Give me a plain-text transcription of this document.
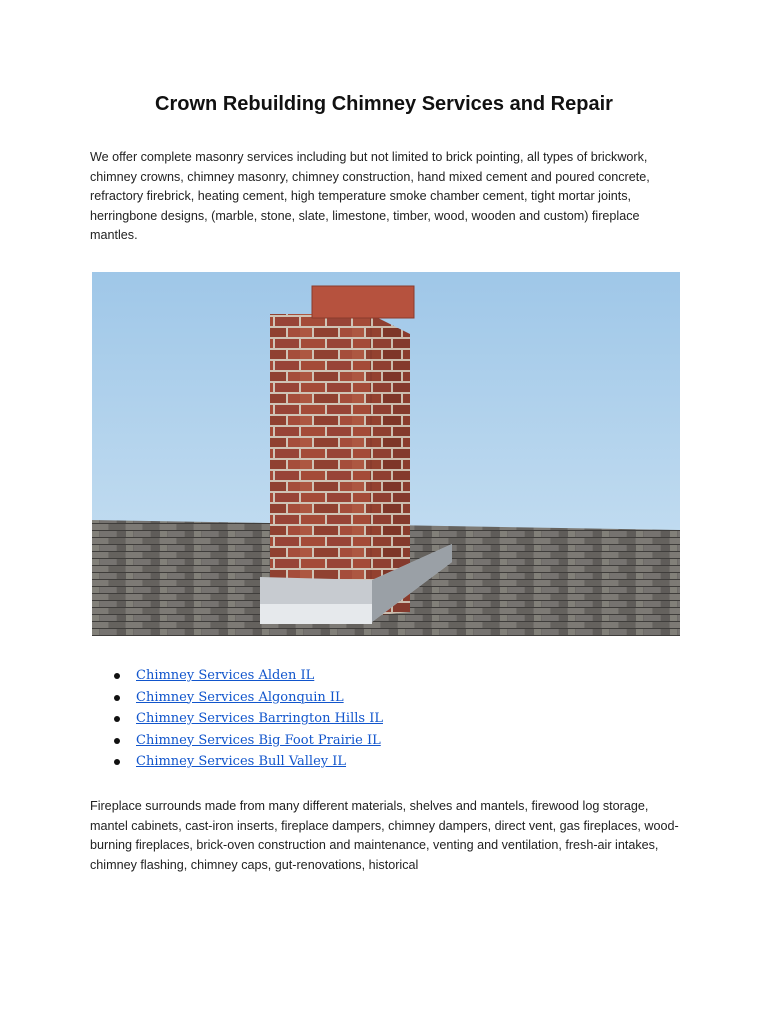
Crown Rebuilding Chimney Services and Repair

We offer complete masonry services including but not limited to brick pointing, all types of brickwork, chimney crowns, chimney masonry, chimney construction, hand mixed cement and poured concrete, refractory firebrick, heating cement, high temperature smoke chamber cement, tight mortar joints, herringbone designs, (marble, stone, slate, limestone, timber, wood, wooden and custom) fireplace mantles.

Chimney Services Alden IL
Chimney Services Algonquin IL
Chimney Services Barrington Hills IL
Chimney Services Big Foot Prairie IL
Chimney Services Bull Valley IL

Fireplace surrounds made from many different materials, shelves and mantels, firewood log storage, mantel cabinets, cast-iron inserts, fireplace dampers, chimney dampers, direct vent, gas fireplaces, wood-burning fireplaces, brick-oven construction and maintenance, venting and ventilation, fresh-air intakes, chimney flashing, chimney caps, gut-renovations, historical
